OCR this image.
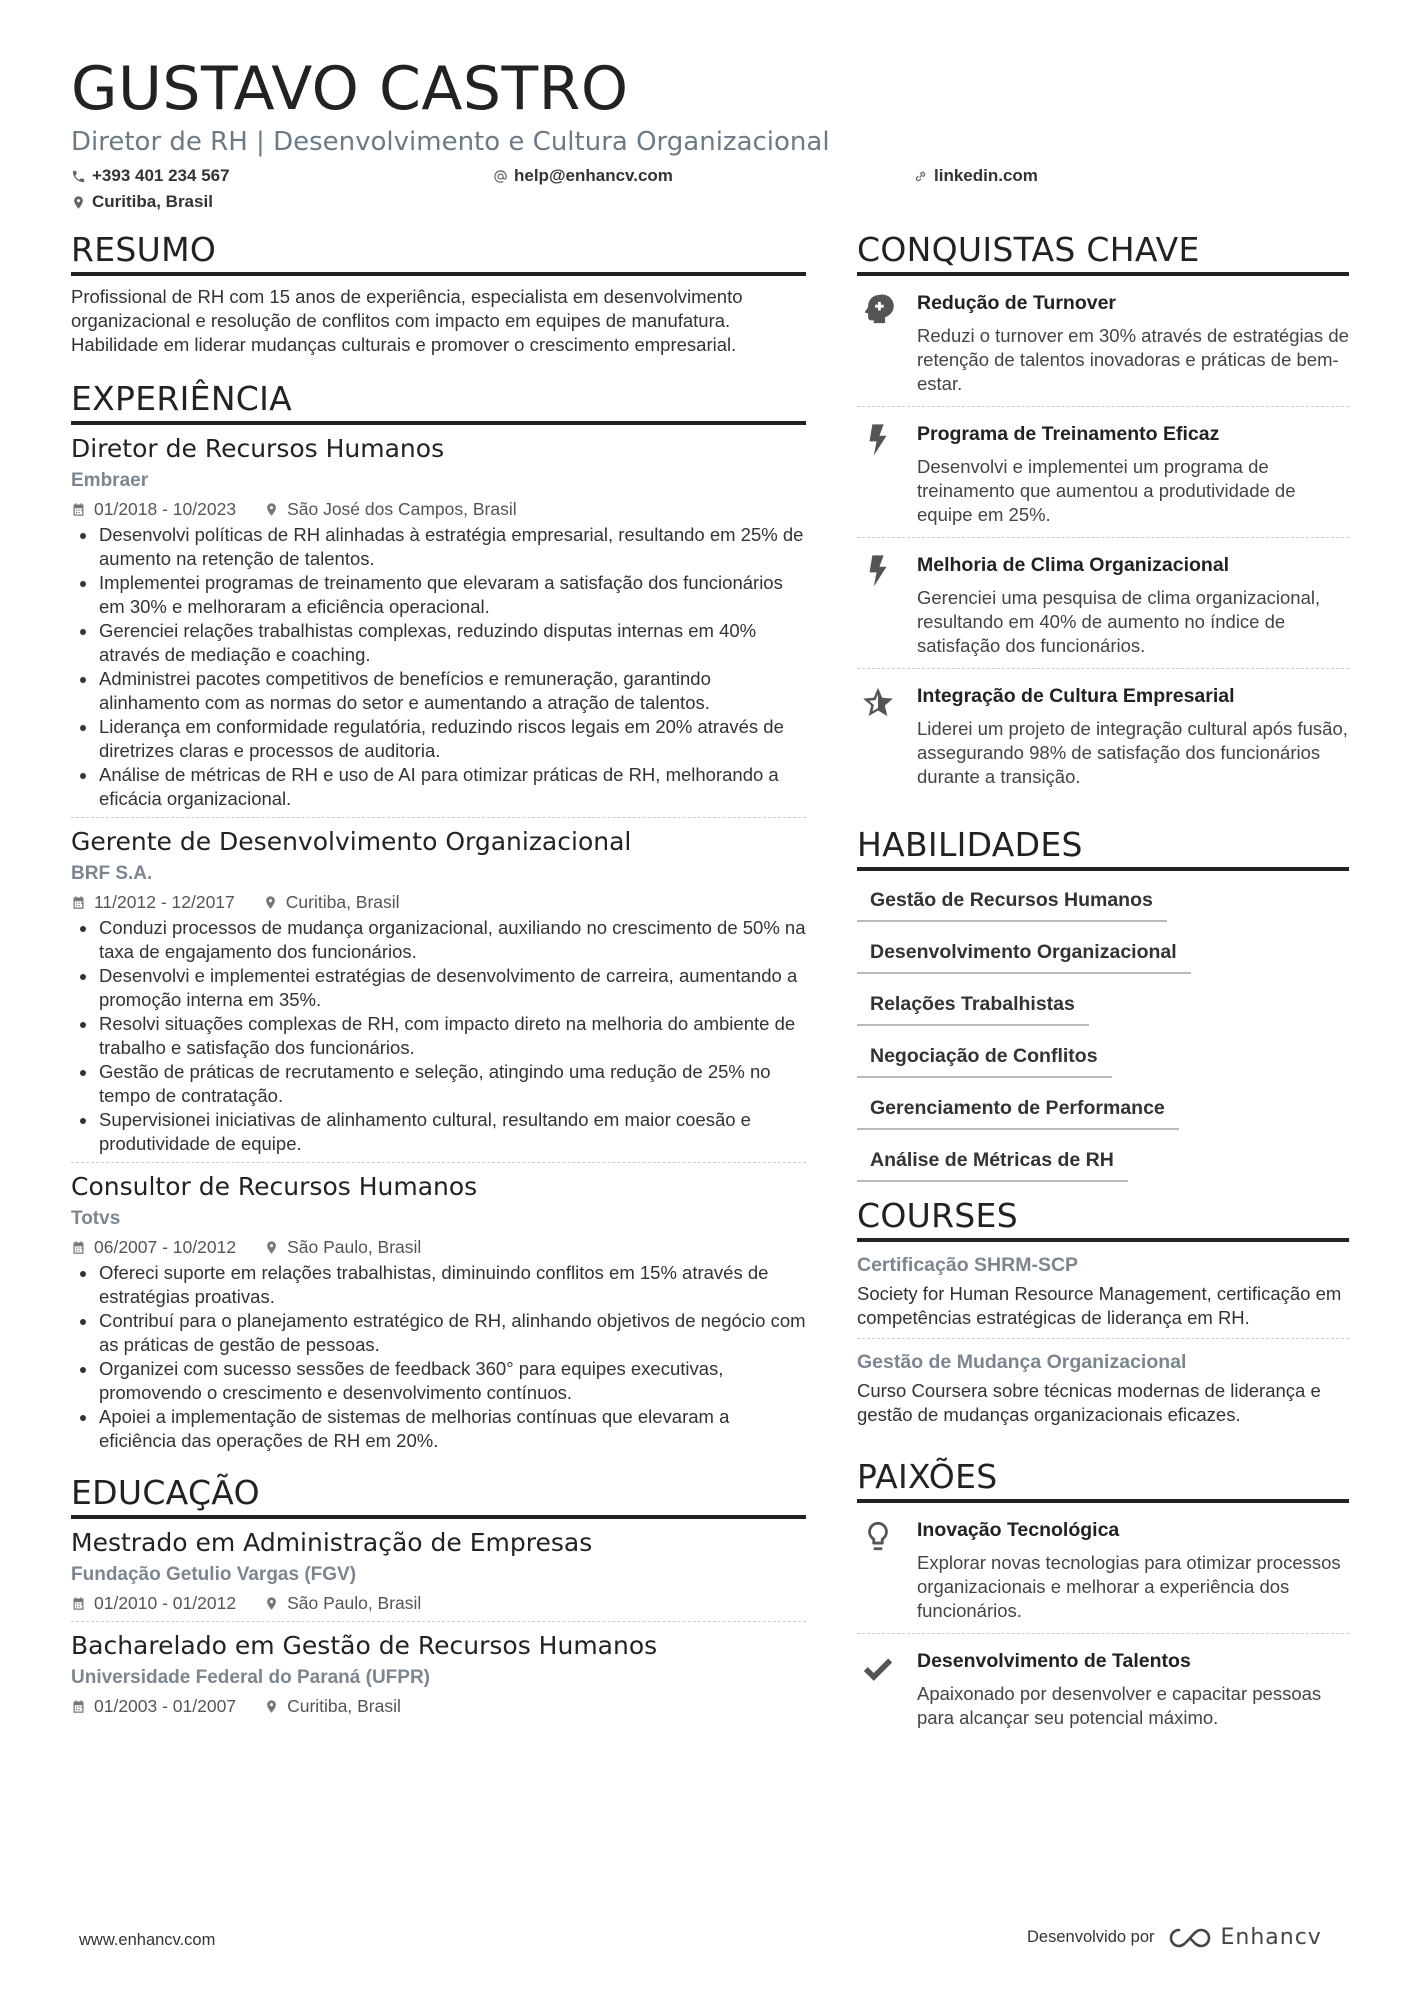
GUSTAVO CASTRO
Diretor de RH | Desenvolvimento e Cultura Organizacional
+393 401 234 567	help@enhancv.com	linkedin.com
Curitiba, Brasil
RESUMO

Profissional de RH com 15 anos de experiência, especialista em desenvolvimento organizacional e resolução de conflitos com impacto em equipes de manufatura. Habilidade em liderar mudanças culturais e promover o crescimento empresarial.

EXPERIÊNCIA
Diretor de Recursos Humanos
Embraer
01/2018 - 10/2023	São José dos Campos, Brasil
Desenvolvi políticas de RH alinhadas à estratégia empresarial, resultando em 25% de aumento na retenção de talentos.
Implementei programas de treinamento que elevaram a satisfação dos funcionários em 30% e melhoraram a eficiência operacional.
Gerenciei relações trabalhistas complexas, reduzindo disputas internas em 40% através de mediação e coaching.
Administrei pacotes competitivos de benefícios e remuneração, garantindo alinhamento com as normas do setor e aumentando a atração de talentos.
Liderança em conformidade regulatória, reduzindo riscos legais em 20% através de diretrizes claras e processos de auditoria.
Análise de métricas de RH e uso de AI para otimizar práticas de RH, melhorando a eficácia organizacional.
Gerente de Desenvolvimento Organizacional
BRF S.A.
11/2012 - 12/2017	Curitiba, Brasil
Conduzi processos de mudança organizacional, auxiliando no crescimento de 50% na taxa de engajamento dos funcionários.
Desenvolvi e implementei estratégias de desenvolvimento de carreira, aumentando a promoção interna em 35%.
Resolvi situações complexas de RH, com impacto direto na melhoria do ambiente de trabalho e satisfação dos funcionários.
Gestão de práticas de recrutamento e seleção, atingindo uma redução de 25% no tempo de contratação.
Supervisionei iniciativas de alinhamento cultural, resultando em maior coesão e produtividade de equipe.
Consultor de Recursos Humanos
Totvs
06/2007 - 10/2012	São Paulo, Brasil
Ofereci suporte em relações trabalhistas, diminuindo conflitos em 15% através de estratégias proativas.
Contribuí para o planejamento estratégico de RH, alinhando objetivos de negócio com as práticas de gestão de pessoas.
Organizei com sucesso sessões de feedback 360° para equipes executivas, promovendo o crescimento e desenvolvimento contínuos.
Apoiei a implementação de sistemas de melhorias contínuas que elevaram a eficiência das operações de RH em 20%.
EDUCAÇÃO
Mestrado em Administração de Empresas
Fundação Getulio Vargas (FGV)
01/2010 - 01/2012	São Paulo, Brasil
Bacharelado em Gestão de Recursos Humanos
Universidade Federal do Paraná (UFPR)
01/2003 - 01/2007	Curitiba, Brasil
CONQUISTAS CHAVE
Redução de Turnover
Reduzi o turnover em 30% através de estratégias de retenção de talentos inovadoras e práticas de bem-estar.
Programa de Treinamento Eficaz
Desenvolvi e implementei um programa de treinamento que aumentou a produtividade de equipe em 25%.
Melhoria de Clima Organizacional
Gerenciei uma pesquisa de clima organizacional, resultando em 40% de aumento no índice de satisfação dos funcionários.
Integração de Cultura Empresarial
Liderei um projeto de integração cultural após fusão, assegurando 98% de satisfação dos funcionários durante a transição.
HABILIDADES
Gestão de Recursos Humanos
Desenvolvimento Organizacional
Relações Trabalhistas
Negociação de Conflitos
Gerenciamento de Performance
Análise de Métricas de RH
COURSES
Certificação SHRM-SCP
Society for Human Resource Management, certificação em competências estratégicas de liderança em RH.
Gestão de Mudança Organizacional
Curso Coursera sobre técnicas modernas de liderança e gestão de mudanças organizacionais eficazes.
PAIXÕES
Inovação Tecnológica
Explorar novas tecnologias para otimizar processos organizacionais e melhorar a experiência dos funcionários.
Desenvolvimento de Talentos
Apaixonado por desenvolver e capacitar pessoas para alcançar seu potencial máximo.
www.enhancv.com	Desenvolvido por	Enhancv
